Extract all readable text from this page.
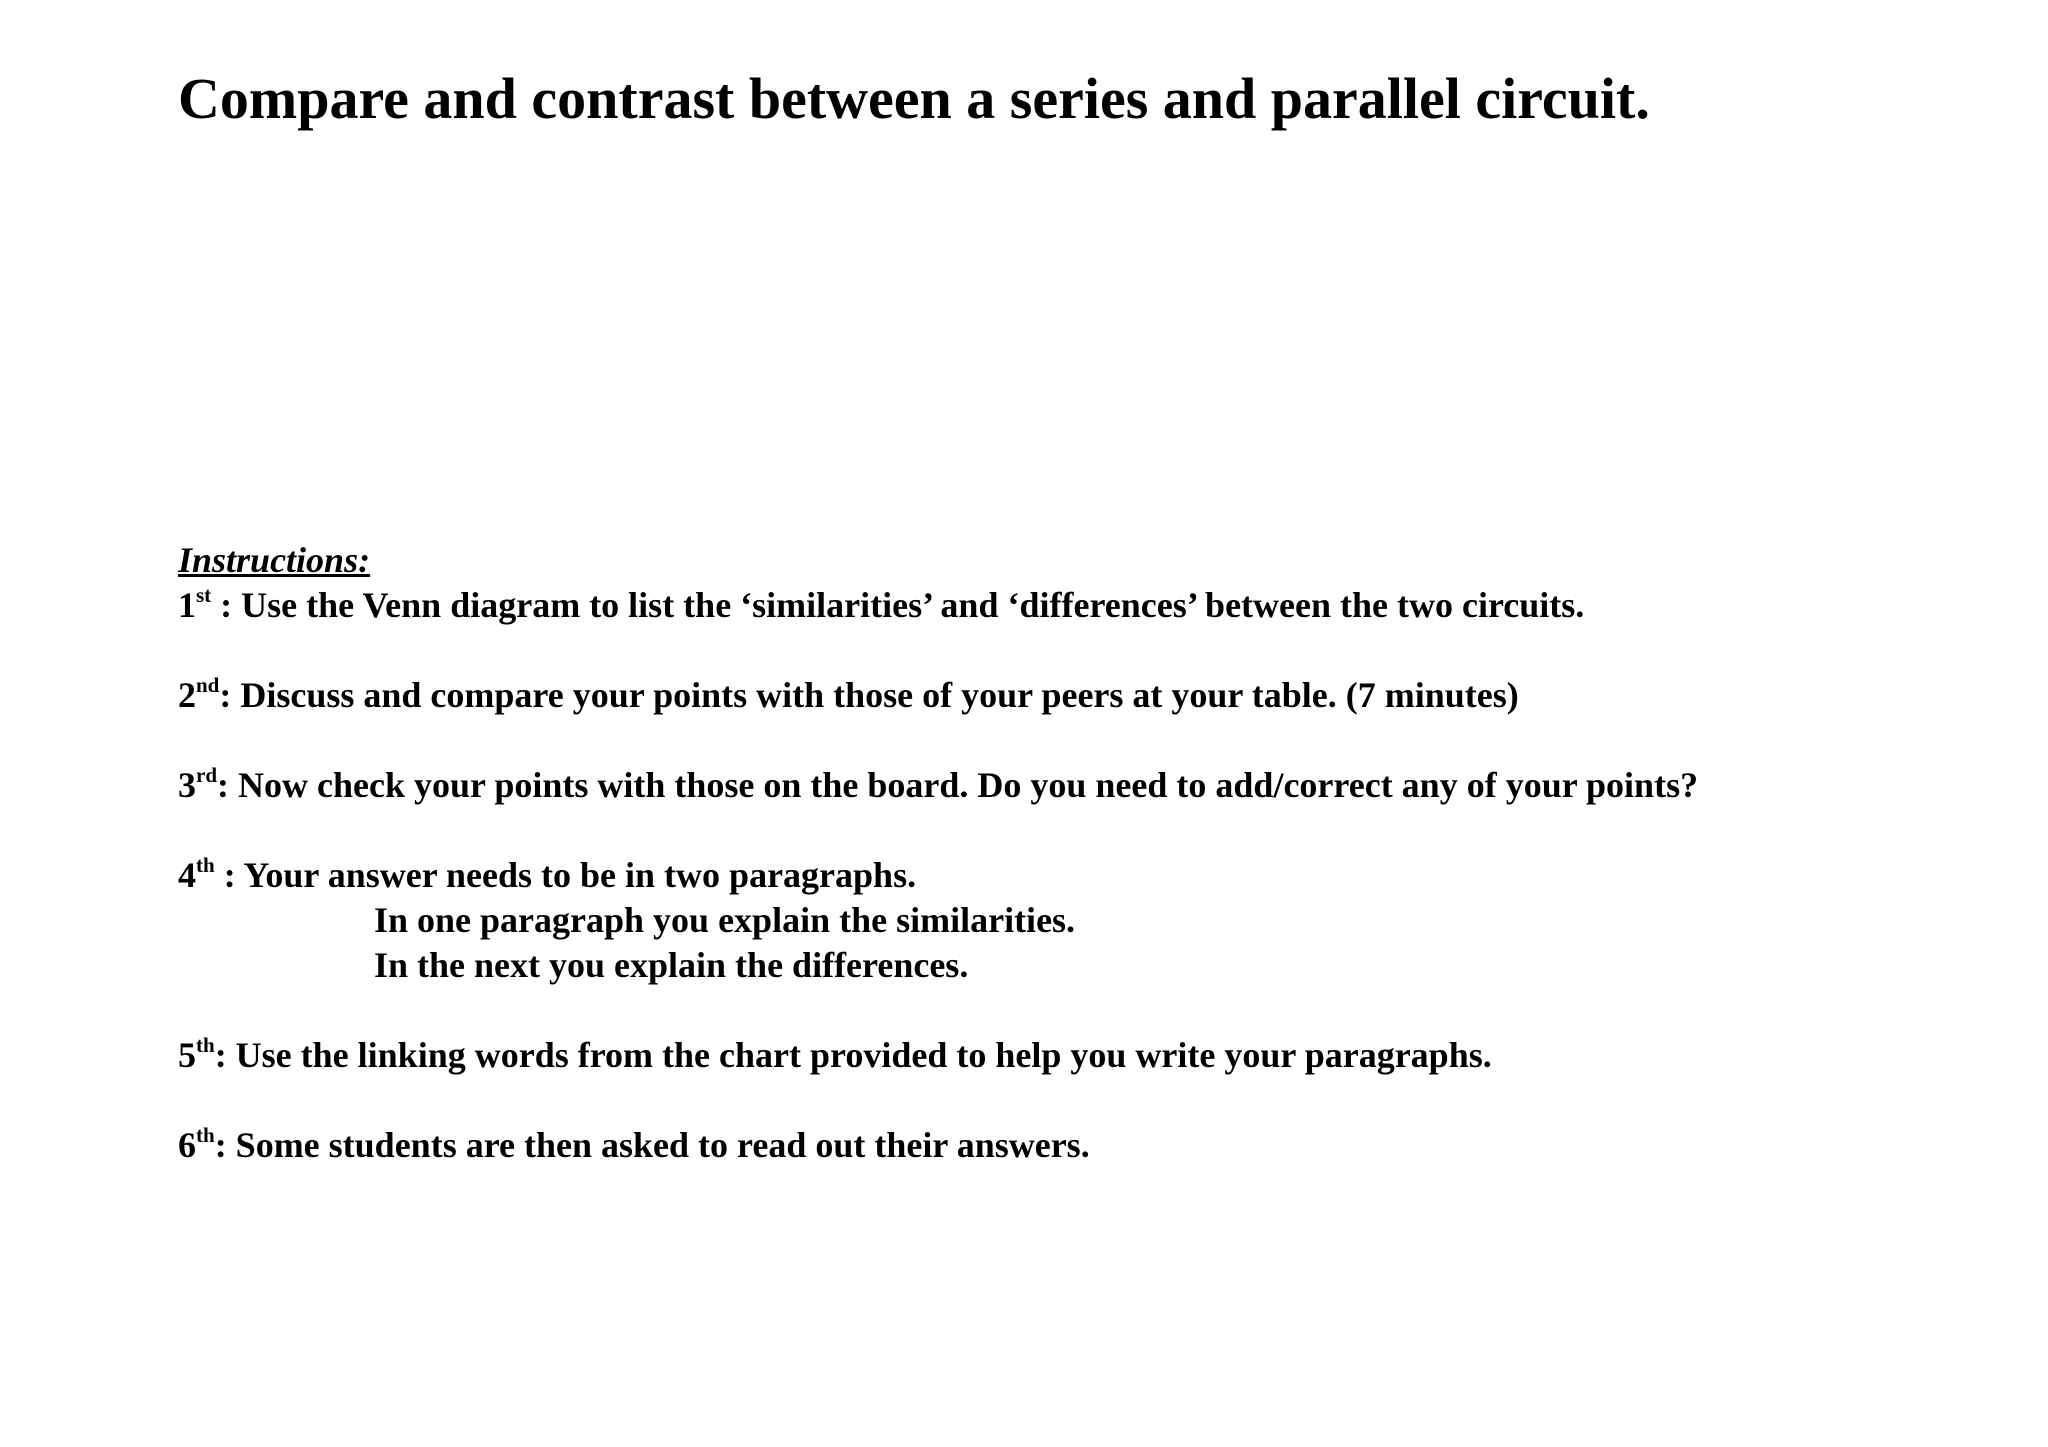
Compare and contrast between a series and parallel circuit.
Instructions:
1st : Use the Venn diagram to list the ‘similarities’ and ‘differences’ between the two circuits.
2nd: Discuss and compare your points with those of your peers at your table. (7 minutes)
3rd: Now check your points with those on the board. Do you need to add/correct any of your points?
4th : Your answer needs to be in two paragraphs.
In one paragraph you explain the similarities.
In the next you explain the differences.
5th: Use the linking words from the chart provided to help you write your paragraphs.
6th: Some students are then asked to read out their answers.
